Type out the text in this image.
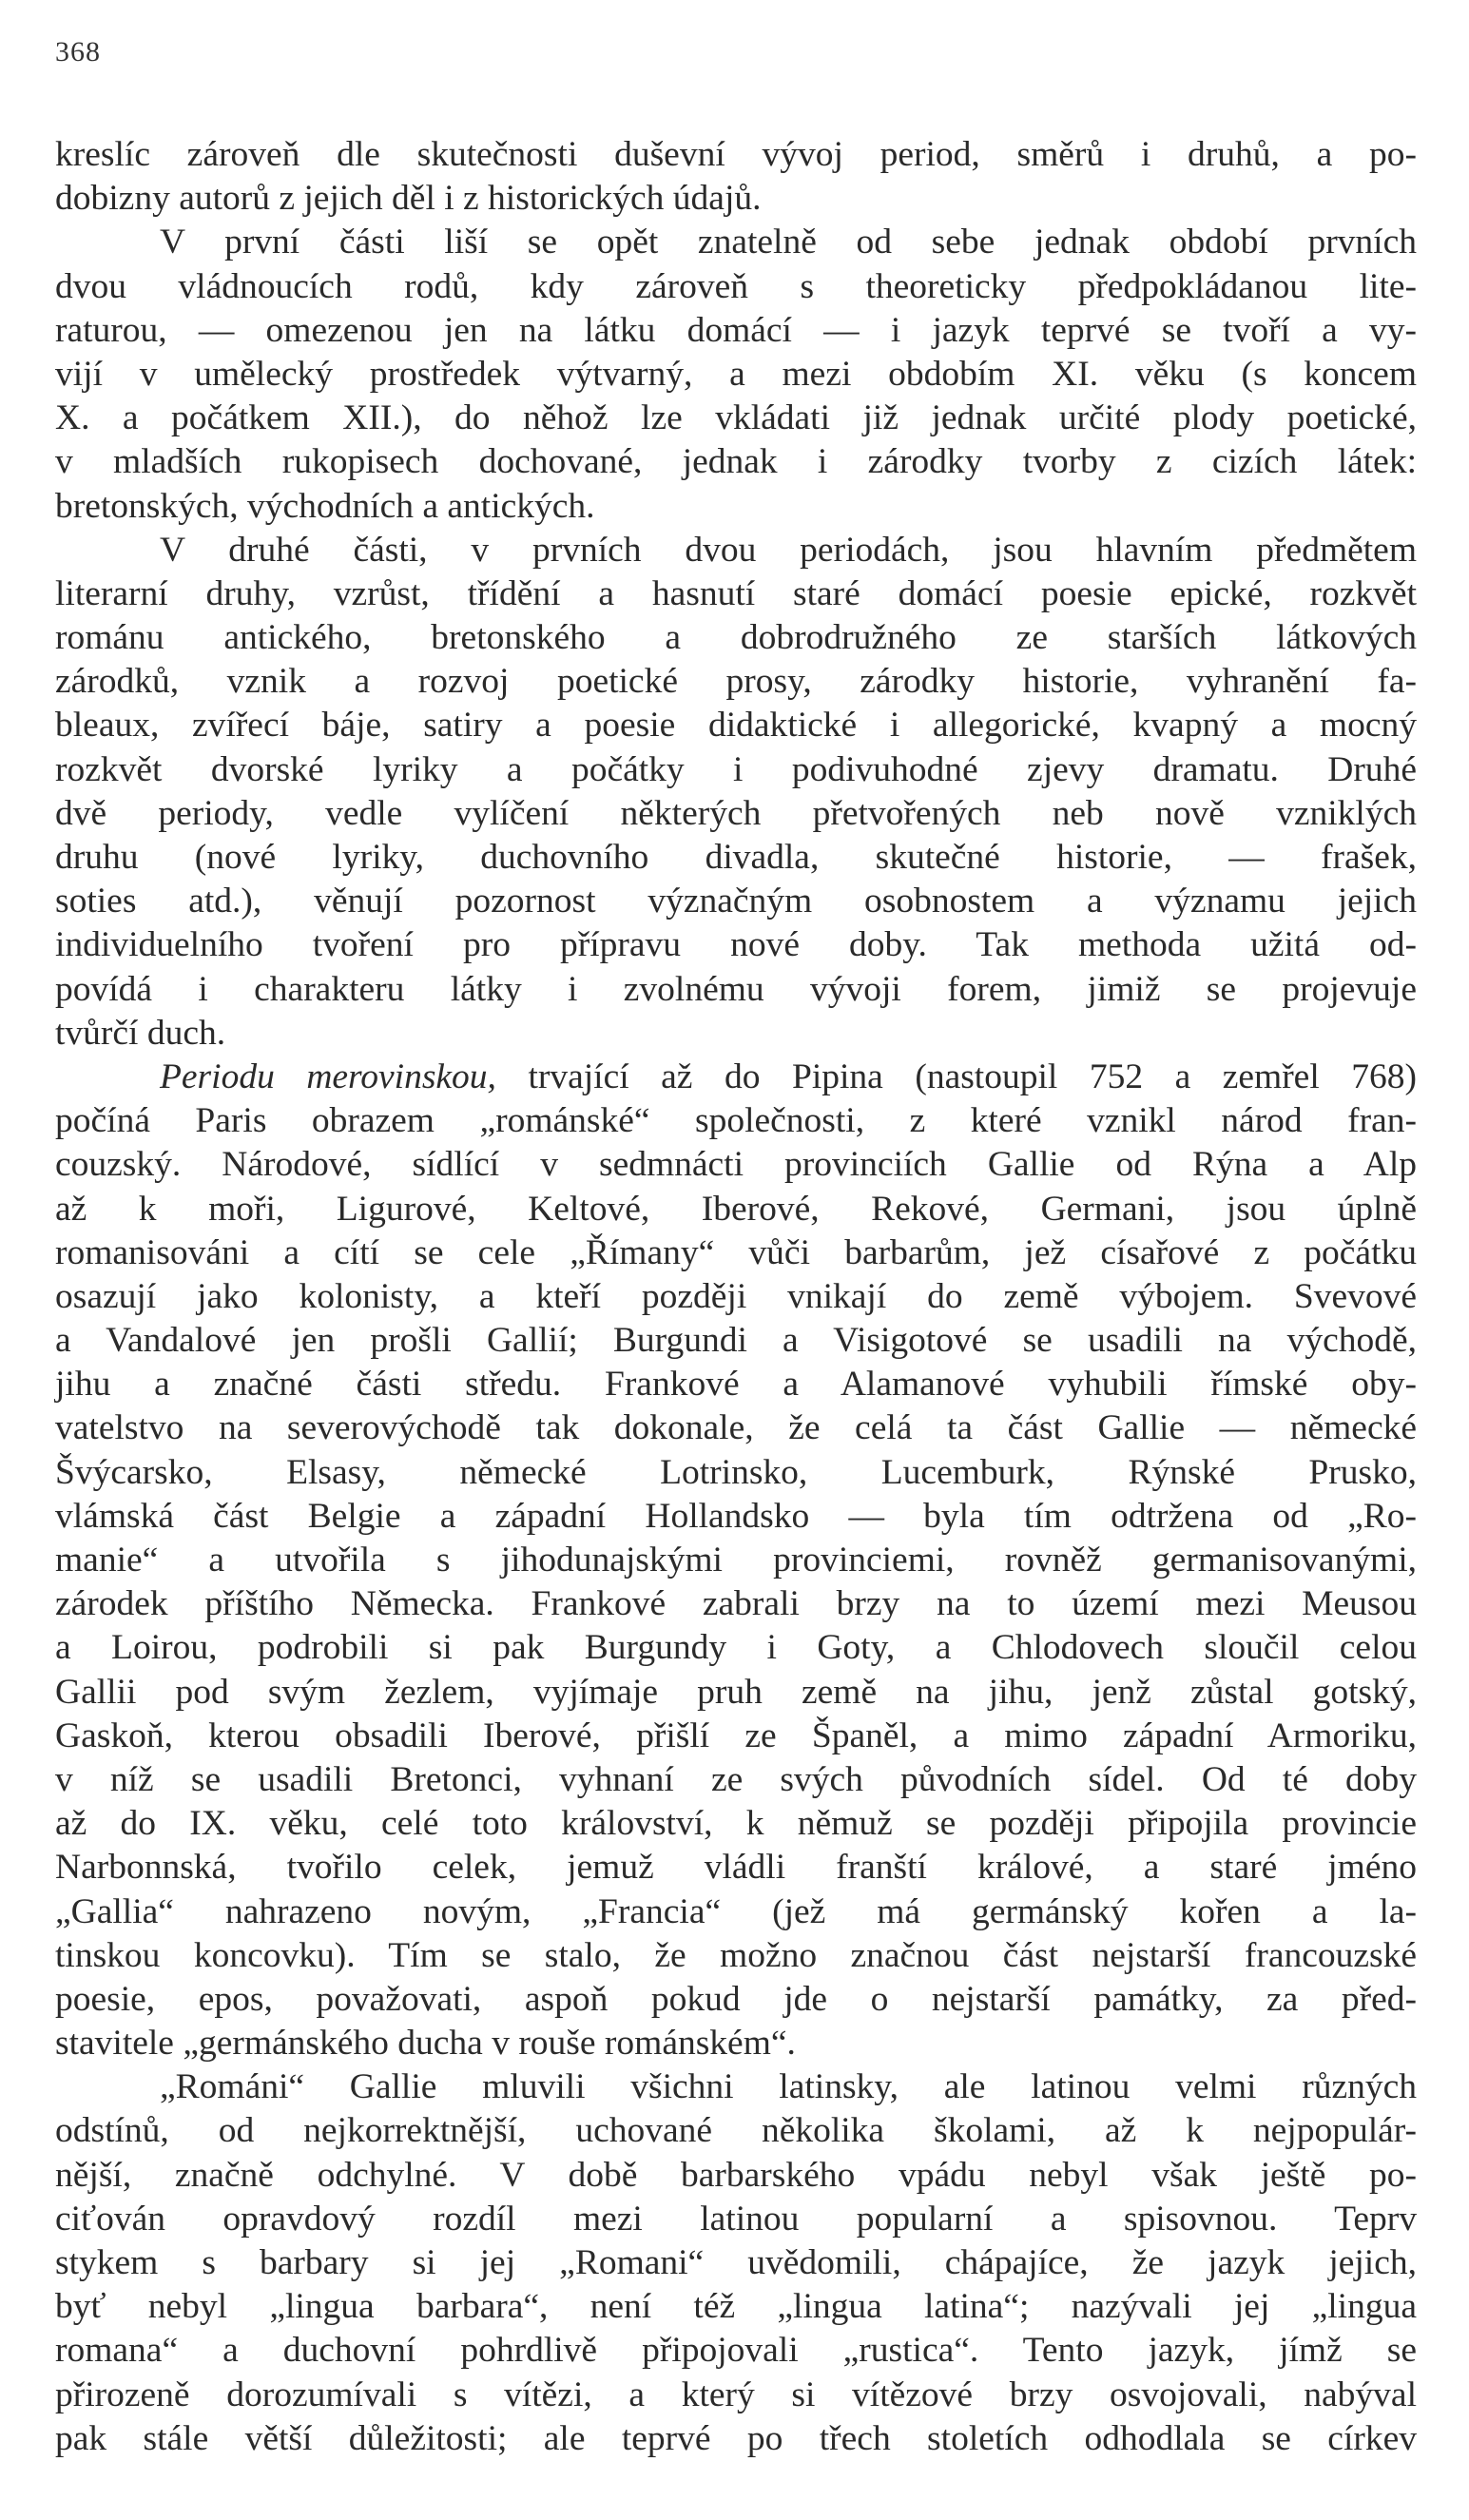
368
kreslíc zároveň dle skutečnosti duševní vývoj period, směrů i druhů, a po-
dobizny autorů z jejich děl i z historických údajů.
V první části liší se opět znatelně od sebe jednak období prvních
dvou vládnoucích rodů, kdy zároveň s theoreticky předpokládanou lite-
raturou, — omezenou jen na látku domácí — i jazyk teprvé se tvoří a vy-
vijí v umělecký prostředek výtvarný, a mezi obdobím XI. věku (s koncem
X. a počátkem XII.), do něhož lze vkládati již jednak určité plody poetické,
v mladších rukopisech dochované, jednak i zárodky tvorby z cizích látek:
bretonských, východních a antických.
V druhé části, v prvních dvou periodách, jsou hlavním předmětem
literarní druhy, vzrůst, třídění a hasnutí staré domácí poesie epické, rozkvět
románu antického, bretonského a dobrodružného ze starších látkových
zárodků, vznik a rozvoj poetické prosy, zárodky historie, vyhranění fa-
bleaux, zvířecí báje, satiry a poesie didaktické i allegorické, kvapný a mocný
rozkvět dvorské lyriky a počátky i podivuhodné zjevy dramatu. Druhé
dvě periody, vedle vylíčení některých přetvořených neb nově vzniklých
druhu (nové lyriky, duchovního divadla, skutečné historie, — frašek,
soties atd.), věnují pozornost význačným osobnostem a významu jejich
individuelního tvoření pro přípravu nové doby. Tak methoda užitá od-
povídá i charakteru látky i zvolnému vývoji forem, jimiž se projevuje
tvůrčí duch.
Periodu merovinskou, trvající až do Pipina (nastoupil 752 a zemřel 768)
počíná Paris obrazem „románské“ společnosti, z které vznikl národ fran-
couzský. Národové, sídlící v sedmnácti provinciích Gallie od Rýna a Alp
až k moři, Ligurové, Keltové, Iberové, Rekové, Germani, jsou úplně
romanisováni a cítí se cele „Římany“ vůči barbarům, jež císařové z počátku
osazují jako kolonisty, a kteří později vnikají do země výbojem. Svevové
a Vandalové jen prošli Gallií; Burgundi a Visigotové se usadili na východě,
jihu a značné části středu. Frankové a Alamanové vyhubili římské oby-
vatelstvo na severovýchodě tak dokonale, že celá ta část Gallie — německé
Švýcarsko, Elsasy, německé Lotrinsko, Lucemburk, Rýnské Prusko,
vlámská část Belgie a západní Hollandsko — byla tím odtržena od „Ro-
manie“ a utvořila s jihodunajskými provinciemi, rovněž germanisovanými,
zárodek příštího Německa. Frankové zabrali brzy na to území mezi Meusou
a Loirou, podrobili si pak Burgundy i Goty, a Chlodovech sloučil celou
Gallii pod svým žezlem, vyjímaje pruh země na jihu, jenž zůstal gotský,
Gaskoň, kterou obsadili Iberové, přišlí ze Španěl, a mimo západní Armoriku,
v níž se usadili Bretonci, vyhnaní ze svých původních sídel. Od té doby
až do IX. věku, celé toto království, k němuž se později připojila provincie
Narbonnská, tvořilo celek, jemuž vládli franští králové, a staré jméno
„Gallia“ nahrazeno novým, „Francia“ (jež má germánský kořen a la-
tinskou koncovku). Tím se stalo, že možno značnou část nejstarší francouzské
poesie, epos, považovati, aspoň pokud jde o nejstarší památky, za před-
stavitele „germánského ducha v rouše románském“.
„Románi“ Gallie mluvili všichni latinsky, ale latinou velmi různých
odstínů, od nejkorrektnější, uchované několika školami, až k nejpopulár-
nější, značně odchylné. V době barbarského vpádu nebyl však ještě po-
ciťován opravdový rozdíl mezi latinou popularní a spisovnou. Teprv
stykem s barbary si jej „Romani“ uvědomili, chápajíce, že jazyk jejich,
byť nebyl „lingua barbara“, není též „lingua latina“; nazývali jej „lingua
romana“ a duchovní pohrdlivě připojovali „rustica“. Tento jazyk, jímž se
přirozeně dorozumívali s vítězi, a který si vítězové brzy osvojovali, nabýval
pak stále větší důležitosti; ale teprvé po třech stoletích odhodlala se církev
